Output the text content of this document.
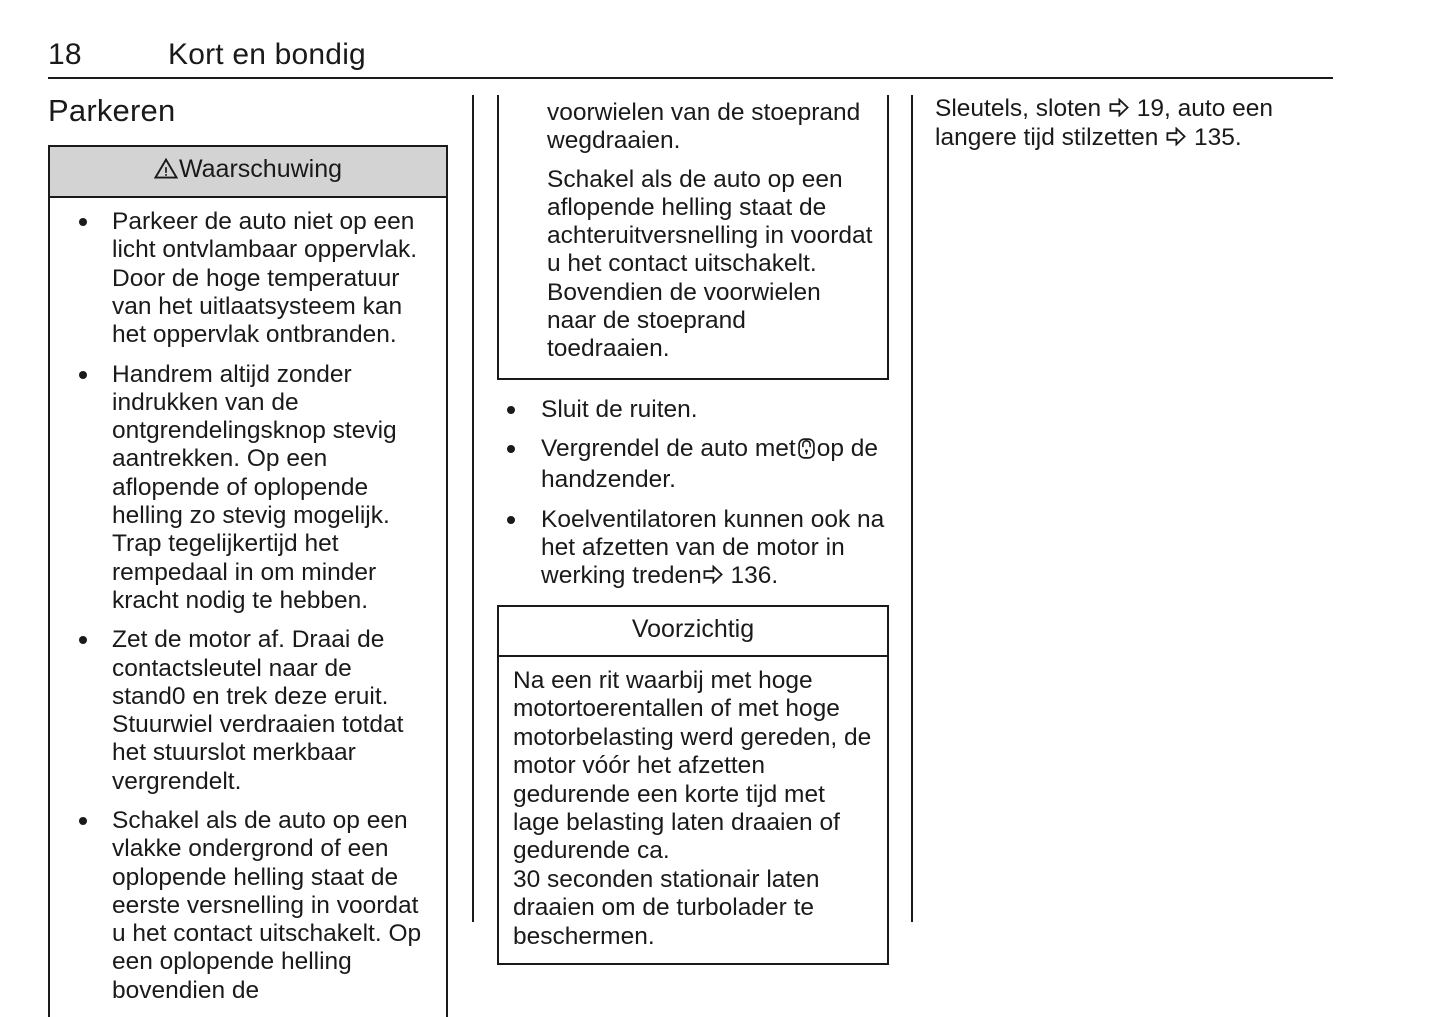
18	Kort en bondig
Parkeren
Waarschuwing
Parkeer de auto niet op een licht ontvlambaar oppervlak. Door de hoge temperatuur van het uitlaatsysteem kan het oppervlak ontbranden.
Handrem altijd zonder indrukken van de ontgrendelingsknop stevig aantrekken. Op een aflopende of oplopende helling zo stevig mogelijk. Trap tegelijkertijd het rempedaal in om minder kracht nodig te hebben.
Zet de motor af. Draai de contactsleutel naar de stand0 en trek deze eruit. Stuurwiel verdraaien totdat het stuurslot merkbaar vergrendelt.
Schakel als de auto op een vlakke ondergrond of een oplopende helling staat de eerste versnelling in voordat u het contact uitschakelt. Op een oplopende helling bovendien de

voorwielen van de stoeprand wegdraaien.

Schakel als de auto op een aflopende helling staat de achteruitversnelling in voordat u het contact uitschakelt. Bovendien de voorwielen naar de stoeprand toedraaien.

Sluit de ruiten.
Vergrendel de auto met op de handzender.
Koelventilatoren kunnen ook na het afzetten van de motor in werking treden 136.
Voorzichtig

Na een rit waarbij met hoge motortoerentallen of met hoge motorbelasting werd gereden, de motor vóór het afzetten gedurende een korte tijd met lage belasting laten draaien of gedurende ca.

30 seconden stationair laten draaien om de turbolader te beschermen.

Sleutels, sloten 19, auto een langere tijd stilzetten 135.
